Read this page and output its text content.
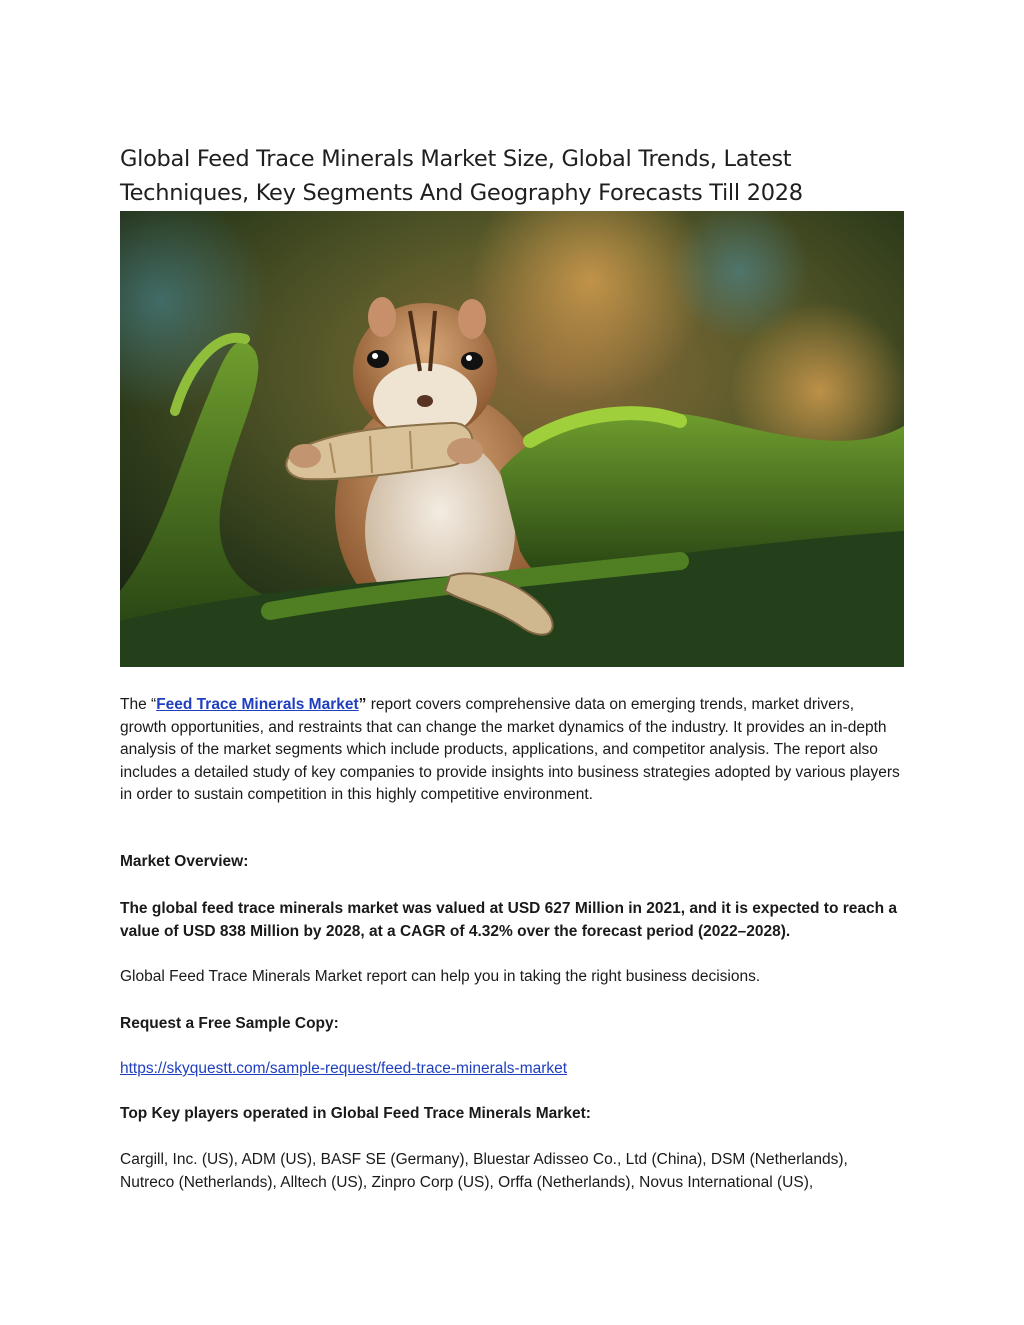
Global Feed Trace Minerals Market Size, Global Trends, Latest
Techniques, Key Segments And Geography Forecasts Till 2028

The “Feed Trace Minerals Market” report covers comprehensive data on emerging trends, market drivers, growth opportunities, and restraints that can change the market dynamics of the industry. It provides an in-depth analysis of the market segments which include products, applications, and competitor analysis. The report also includes a detailed study of key companies to provide insights into business strategies adopted by various players in order to sustain competition in this highly competitive environment.

Market Overview:

The global feed trace minerals market was valued at USD 627 Million in 2021, and it is expected to reach a value of USD 838 Million by 2028, at a CAGR of 4.32% over the forecast period (2022–2028).

Global Feed Trace Minerals Market report can help you in taking the right business decisions.

Request a Free Sample Copy:

https://skyquestt.com/sample-request/feed-trace-minerals-market

Top Key players operated in Global Feed Trace Minerals Market:

Cargill, Inc. (US), ADM (US), BASF SE (Germany), Bluestar Adisseo Co., Ltd (China), DSM (Netherlands), Nutreco (Netherlands), Alltech (US), Zinpro Corp (US), Orffa (Netherlands), Novus International (US),
